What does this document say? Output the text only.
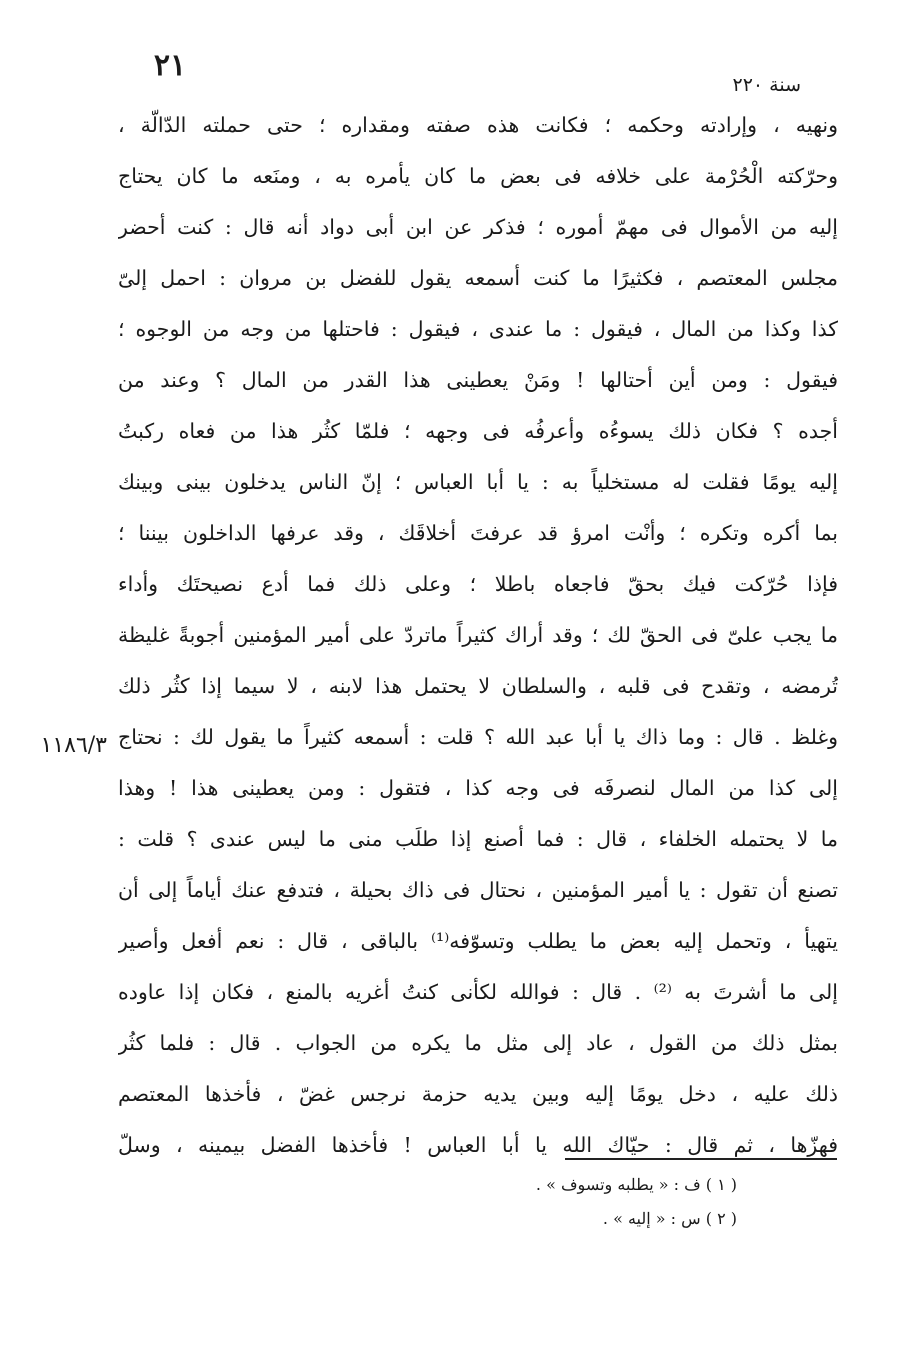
٢١
سنة ٢٢٠
١١٨٦/٣
ونهيه ، وإرادته وحكمه ؛ فكانت هذه صفته ومقداره ؛ حتى حملته الدّالّة ،
وحرّكته الْحُرْمة على خلافه فى بعض ما كان يأمره به ، ومنَعه ما كان يحتاج
إليه من الأموال فى مهمّ أموره ؛ فذكر عن ابن أبى دواد أنه قال : كنت أحضر
مجلس المعتصم ، فكثيرًا ما كنت أسمعه يقول للفضل بن مروان : احمل إلىّ
كذا وكذا من المال ، فيقول : ما عندى ، فيقول : فاحتلها من وجه من الوجوه ؛
فيقول : ومن أين أحتالها ! ومَنْ يعطينى هذا القدر من المال ؟ وعند من
أجده ؟ فكان ذلك يسوءُه وأعرفُه فى وجهه ؛ فلمّا كثُر هذا من فعاه ركبتُ
إليه يومًا فقلت له مستخلياً به : يا أبا العباس ؛ إنّ الناس يدخلون بينى وبينك
بما أكره وتكره ؛ وأنْت امرؤ قد عرفتَ أخلاقَك ، وقد عرفها الداخلون بيننا ؛
فإذا حُرّكت فيك بحقّ فاجعاه باطلا ؛ وعلى ذلك فما أدع نصيحتَك وأداء
ما يجب علىّ فى الحقّ لك ؛ وقد أراك كثيراً ماتردّ على أمير المؤمنين أجوبةً غليظة
تُرمضه ، وتقدح فى قلبه ، والسلطان لا يحتمل هذا لابنه ، لا سيما إذا كثُر ذلك
وغلظ . قال : وما ذاك يا أبا عبد الله ؟ قلت : أسمعه كثيراً ما يقول لك : نحتاج
إلى كذا من المال لنصرفَه فى وجه كذا ، فتقول : ومن يعطينى هذا ! وهذا
ما لا يحتمله الخلفاء ، قال : فما أصنع إذا طلَب منى ما ليس عندى ؟ قلت :
تصنع أن تقول : يا أمير المؤمنين ، نحتال فى ذاك بحيلة ، فتدفع عنك أياماً إلى أن
يتهيأ ، وتحمل إليه بعض ما يطلب وتسوّفه⁽¹⁾ بالباقى ، قال : نعم أفعل وأصير
إلى ما أشرتَ به ⁽²⁾ . قال : فوالله لكأنى كنتُ أغريه بالمنع ، فكان إذا عاوده
بمثل ذلك من القول ، عاد إلى مثل ما يكره من الجواب . قال : فلما كثُر
ذلك عليه ، دخل يومًا إليه وبين يديه حزمة نرجس غضّ ، فأخذها المعتصم
فهزّها ، ثم قال : حيّاك الله يا أبا العباس ! فأخذها الفضل بيمينه ، وسلّ
( ١ ) ف : « يطلبه وتسوف » .
( ٢ ) س : « إليه » .
